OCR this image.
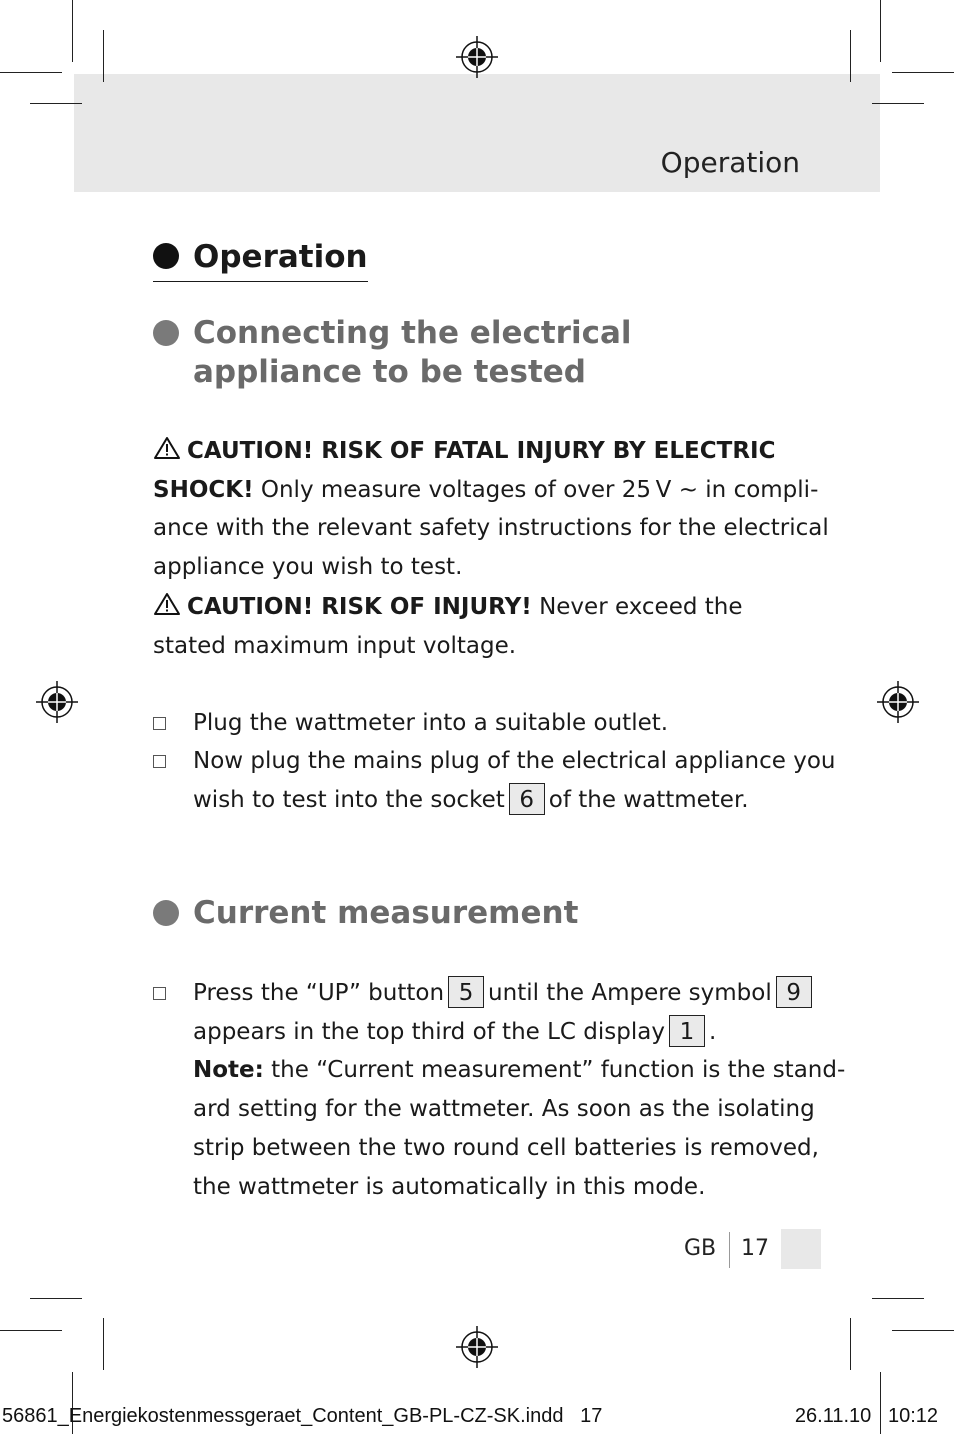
Operation
Operation
Connecting the electrical
appliance to be tested
CAUTION! RISK OF FATAL INJURY BY ELECTRIC
SHOCK! Only measure voltages of over 25 V ~ in compli-
ance with the relevant safety instructions for the electrical
appliance you wish to test.
CAUTION! RISK OF INJURY! Never exceed the
stated maximum input voltage.
Plug the wattmeter into a suitable outlet.
Now plug the mains plug of the electrical appliance you
wish to test into the socket 6 of the wattmeter.
Current measurement
Press the “UP” button 5 until the Ampere symbol 9
appears in the top third of the LC display 1 .
Note: the “Current measurement” function is the stand-
ard setting for the wattmeter. As soon as the isolating
strip between the two round cell batteries is removed,
the wattmeter is automatically in this mode.
GB 17
56861_Energiekostenmessgeraet_Content_GB-PL-CZ-SK.indd   17	26.11.10   10:12
